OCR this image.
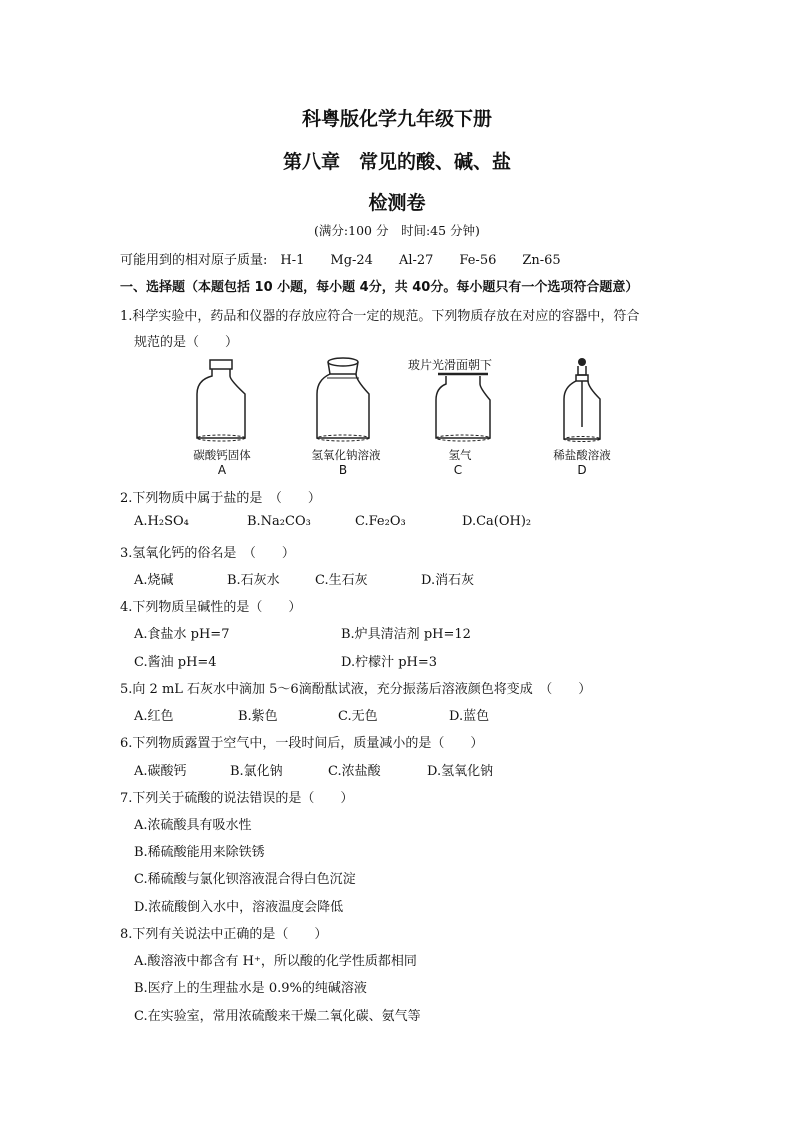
科粤版化学九年级下册
第八章　常见的酸、碱、盐
检测卷
(满分:100 分　时间:45 分钟)
可能用到的相对原子质量:　H-1　　Mg-24　　Al-27　　Fe-56　　Zn-65
一、选择题（本题包括 10 小题，每小题 4分，共 40分。每小题只有一个选项符合题意）
1.科学实验中，药品和仪器的存放应符合一定的规范。下列物质存放在对应的容器中，符合
规范的是（　　）
碳酸钙固体
A
氢氧化钠溶液
B
玻片光滑面朝下
氢气
C
稀盐酸溶液
D
2.下列物质中属于盐的是　（　　）
A.H₂SO₄	B.Na₂CO₃	C.Fe₂O₃	D.Ca(OH)₂
3.氢氧化钙的俗名是　（　　）
A.烧碱	B.石灰水	C.生石灰	D.消石灰
4.下列物质呈碱性的是（　　）
A.食盐水 pH=7	B.炉具清洁剂 pH=12
C.酱油 pH=4	D.柠檬汁 pH=3
5.向 2 mL 石灰水中滴加 5～6滴酚酞试液，充分振荡后溶液颜色将变成　（　　）
A.红色	B.紫色	C.无色	D.蓝色
6.下列物质露置于空气中，一段时间后，质量减小的是（　　）
A.碳酸钙	B.氯化钠	C.浓盐酸	D.氢氧化钠
7.下列关于硫酸的说法错误的是（　　）
A.浓硫酸具有吸水性
B.稀硫酸能用来除铁锈
C.稀硫酸与氯化钡溶液混合得白色沉淀
D.浓硫酸倒入水中，溶液温度会降低
8.下列有关说法中正确的是（　　）
A.酸溶液中都含有 H⁺，所以酸的化学性质都相同
B.医疗上的生理盐水是 0.9%的纯碱溶液
C.在实验室，常用浓硫酸来干燥二氧化碳、氨气等
